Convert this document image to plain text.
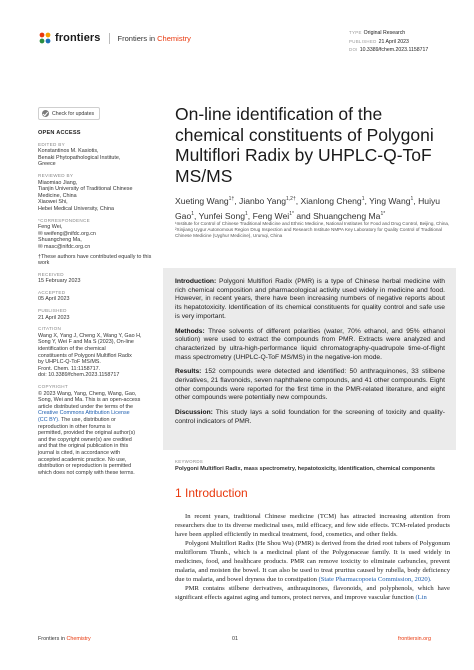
frontiers Frontiers in Chemistry
TYPE Original Research
PUBLISHED 21 April 2023
DOI 10.3389/fchem.2023.1158717
Check for updates
OPEN ACCESS
EDITED BY
Konstantinos M. Kasiotis,
Benaki Phytopathological Institute,
Greece
REVIEWED BY
Miaomiao Jiang,
Tianjin University of Traditional Chinese
Medicine, China
Xiaowei Shi,
Hebei Medical University, China
*CORRESPONDENCE
Feng Wei,
✉ weifeng@nifdc.org.cn
Shuangcheng Ma,
✉ masc@nifdc.org.cn
†These authors have contributed equally to this work
RECEIVED
15 February 2023
ACCEPTED
05 April 2023
PUBLISHED
21 April 2023
CITATION
Wang X, Yang J, Cheng X, Wang Y, Gao H,
Song Y, Wei F and Ma S (2023), On-line
identification of the chemical
constituents of Polygoni Multiflori Radix
by UHPLC-Q-ToF MS/MS.
Front. Chem. 11:1158717.
doi: 10.3389/fchem.2023.1158717
COPYRIGHT
© 2023 Wang, Yang, Cheng, Wang, Gao,
Song, Wei and Ma. This is an open-access
article distributed under the terms of the
Creative Commons Attribution License
(CC BY). The use, distribution or
reproduction in other forums is
permitted, provided the original author(s)
and the copyright owner(s) are credited
and that the original publication in this
journal is cited, in accordance with
accepted academic practice. No use,
distribution or reproduction is permitted
which does not comply with these terms.
On-line identification of the chemical constituents of Polygoni Multiflori Radix by UHPLC-Q-ToF MS/MS
Xueting Wang$^{1\dagger}$, Jianbo Yang$^{1,2\dagger}$, Xianlong Cheng$^1$, Ying Wang$^1$, Huiyu Gao$^1$, Yunfei Song$^1$, Feng Wei$^{1*}$ and Shuangcheng $Ma^{1*}$
¹Institute for Control of Chinese Traditional Medicine and Ethnic Medicine, National Institutes for Food and Drug Control, Beijing, China, ²Xinjiang Uygur Autonomous Region Drug Inspection and Research Institute NMPA Key Laboratory for Quality Control of Traditional Chinese Medicine (Uyghur Medicine), Urumqi, China

Introduction: Polygoni Multiflori Radix (PMR) is a type of Chinese herbal medicine with rich chemical composition and pharmacological activity used widely in medicine and food. However, in recent years, there have been increasing numbers of negative reports about its hepatotoxicity. Identification of its chemical constituents for quality control and safe use is very important.

Methods: Three solvents of different polarities (water, 70% ethanol, and 95% ethanol solution) were used to extract the compounds from PMR. Extracts were analyzed and characterized by ultra-high-performance liquid chromatography-quadrupole time-of-flight mass spectrometry (UHPLC-Q-ToF MS/MS) in the negative-ion mode.

Results: 152 compounds were detected and identified: 50 anthraquinones, 33 stilbene derivatives, 21 flavonoids, seven naphthalene compounds, and 41 other compounds. Eight other compounds were reported for the first time in the PMR-related literature, and eight other compounds were potentially new compounds.

Discussion: This study lays a solid foundation for the screening of toxicity and quality-control indicators of PMR.

KEYWORDS
Polygoni Multiflori Radix, mass spectrometry, hepatotoxicity, identification, chemical components
1 Introduction

In recent years, traditional Chinese medicine (TCM) has attracted increasing attention from researchers due to its diverse medicinal uses, mild efficacy, and few side effects. TCM-related products have been applied efficiently in medical treatment, food, cosmetics, and other fields.

Polygoni Multiflori Radix (He Shou Wu) (PMR) is derived from the dried root tubers of Polygonum multiflorum Thunb., which is a medicinal plant of the Polygonaceae family. It is used widely in medicines, food, and healthcare products. PMR can remove toxicity to eliminate carbuncles, prevent malaria, and moisten the bowel. It can also be used to treat pruritus caused by rubella, body deficiency due to malaria, and bowel dryness due to constipation (State Pharmacopoeia Commission, 2020).

PMR contains stilbene derivatives, anthraquinones, flavonoids, and polyphenols, which have significant effects against aging and tumors, protect nerves, and improve vascular function (Lin

Frontiers in Chemistry	01	frontiersin.org
